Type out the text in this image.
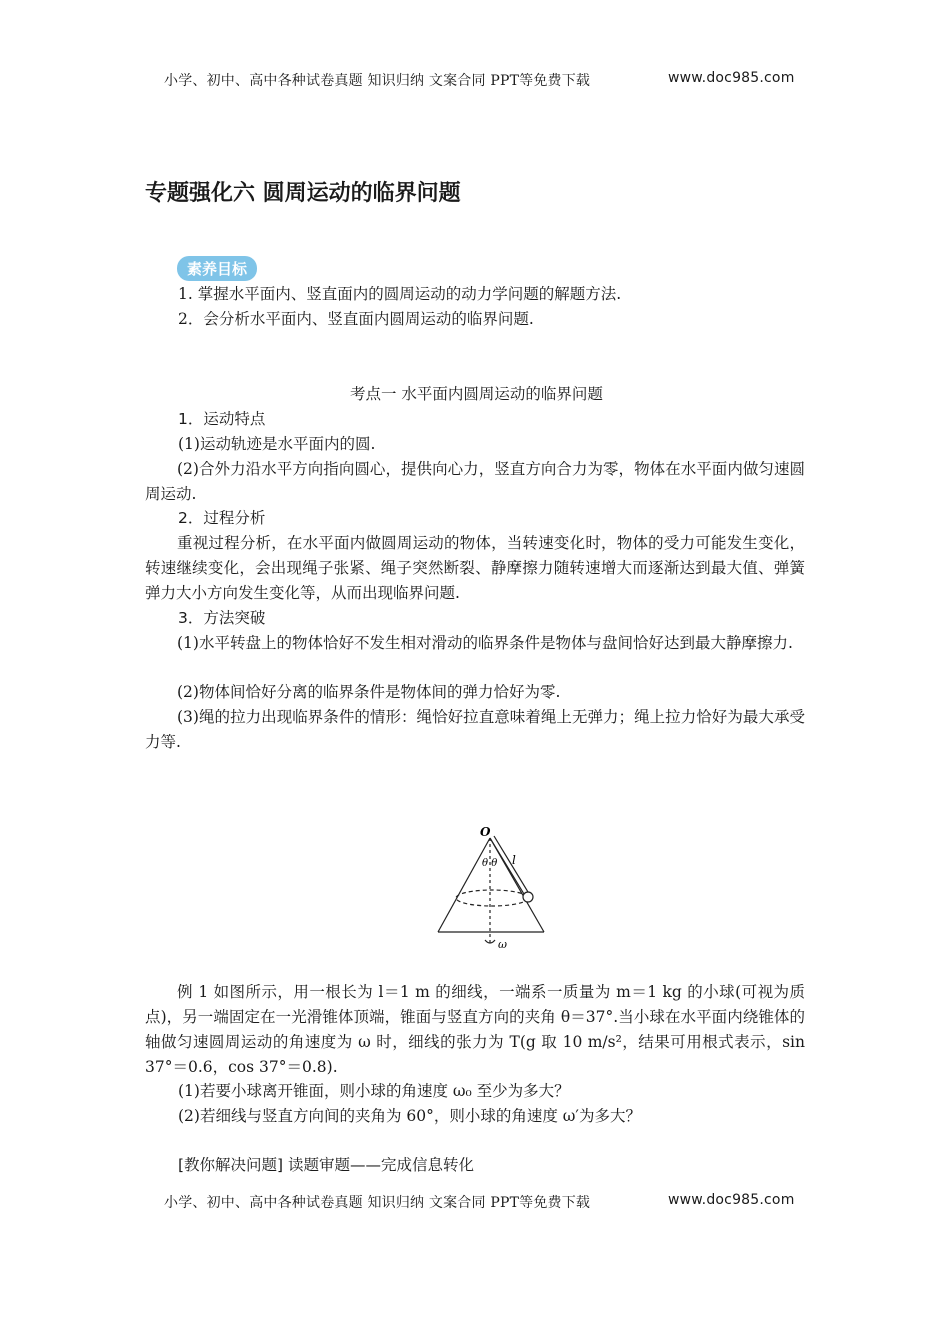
小学、初中、高中各种试卷真题 知识归纳 文案合同 PPT等免费下载	www.doc985.com
专题强化六 圆周运动的临界问题
素养目标
1. 掌握水平面内、竖直面内的圆周运动的动力学问题的解题方法.
2．会分析水平面内、竖直面内圆周运动的临界问题.
考点一 水平面内圆周运动的临界问题
1．运动特点
(1)运动轨迹是水平面内的圆.
(2)合外力沿水平方向指向圆心，提供向心力，竖直方向合力为零，物体在水平面内做匀速圆周运动.
2．过程分析
重视过程分析，在水平面内做圆周运动的物体，当转速变化时，物体的受力可能发生变化，转速继续变化，会出现绳子张紧、绳子突然断裂、静摩擦力随转速增大而逐渐达到最大值、弹簧弹力大小方向发生变化等，从而出现临界问题.
3．方法突破
(1)水平转盘上的物体恰好不发生相对滑动的临界条件是物体与盘间恰好达到最大静摩擦力.
(2)物体间恰好分离的临界条件是物体间的弹力恰好为零.
(3)绳的拉力出现临界条件的情形：绳恰好拉直意味着绳上无弹力；绳上拉力恰好为最大承受力等.
O
l
θ θ
ω
例 1 如图所示，用一根长为 l＝1 m 的细线，一端系一质量为 m＝1 kg 的小球(可视为质点)，另一端固定在一光滑锥体顶端，锥面与竖直方向的夹角 θ＝37°.当小球在水平面内绕锥体的轴做匀速圆周运动的角速度为 ω 时，细线的张力为 T(g 取 10 m/s²，结果可用根式表示，sin 37°＝0.6，cos 37°＝0.8).
(1)若要小球离开锥面，则小球的角速度 ω₀ 至少为多大？
(2)若细线与竖直方向间的夹角为 60°，则小球的角速度 ω′为多大？
[教你解决问题] 读题审题——完成信息转化
小学、初中、高中各种试卷真题 知识归纳 文案合同 PPT等免费下载	www.doc985.com
